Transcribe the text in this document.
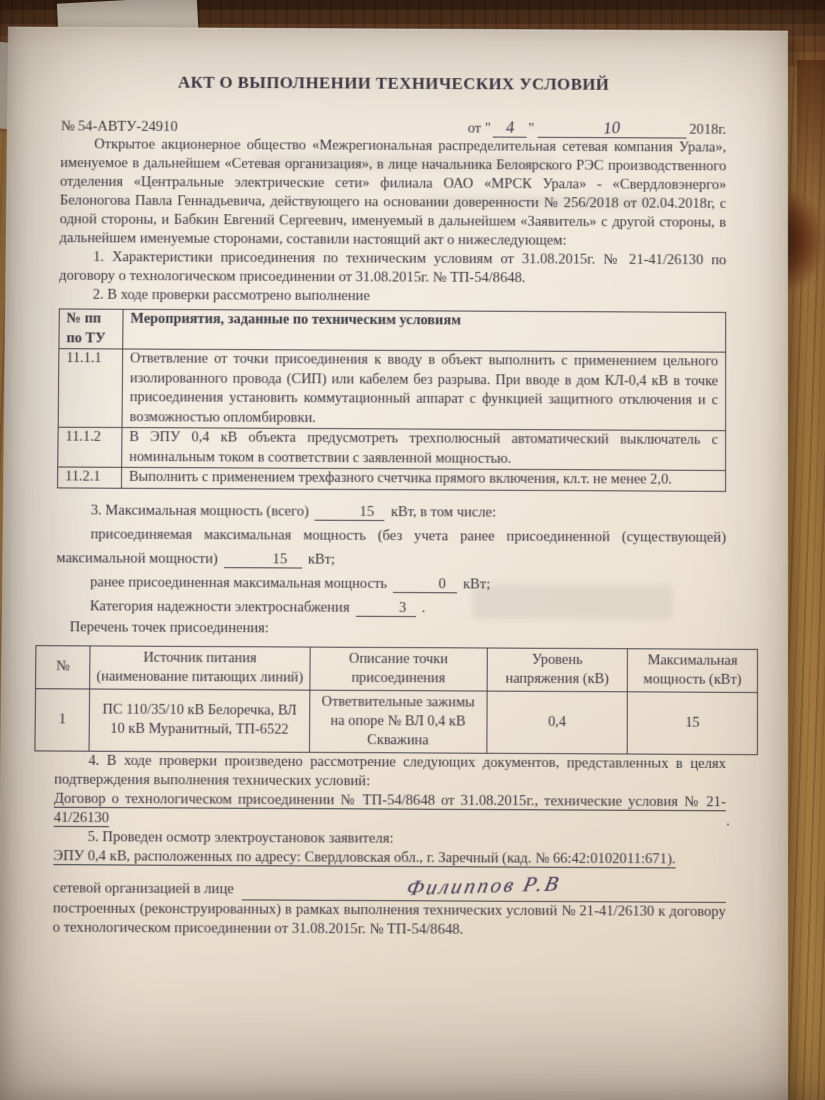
АКТ О ВЫПОЛНЕНИИ ТЕХНИЧЕСКИХ УСЛОВИЙ
№ 54-АВТУ-24910	от
" 4 "	10	2018г.

Открытое акционерное общество «Межрегиональная распределительная сетевая компания Урала», именуемое в дальнейшем «Сетевая организация», в лице начальника Белоярского РЭС производственного отделения «Центральные электрические сети» филиала ОАО «МРСК Урала» - «Свердловэнерго» Белоногова Павла Геннадьевича, действующего на основании доверенности № 256/2018 от 02.04.2018г, с одной стороны, и Бабкин Евгений Сергеевич, именуемый в дальнейшем «Заявитель» с другой стороны, в дальнейшем именуемые сторонами, составили настоящий акт о нижеследующем:

1. Характеристики присоединения по техническим условиям от 31.08.2015г. № 21-41/26130 по договору о технологическом присоединении от 31.08.2015г. № ТП-54/8648.

2. В ходе проверки рассмотрено выполнение

№ пп по ТУ	Мероприятия, заданные по техническим условиям
11.1.1	Ответвление от точки присоединения к вводу в объект выполнить с применением цельного изолированного провода (СИП) или кабелем без разрыва. При вводе в дом КЛ-0,4 кВ в точке присоединения установить коммутационный аппарат с функцией защитного отключения и с возможностью опломбировки.
11.1.2	В ЭПУ 0,4 кВ объекта предусмотреть трехполюсный автоматический выключатель с номинальным током в соответствии с заявленной мощностью.
11.2.1	Выполнить с применением трехфазного счетчика прямого включения, кл.т. не менее 2,0.

3. Максимальная мощность (всего)	15 кВт, в том числе:

присоединяемая максимальная мощность (без учета ранее присоединенной (существующей) максимальной мощности)	15 кВт;

ранее присоединенная максимальная мощность	0 кВт;

Категория надежности электроснабжения	3 .

Перечень точек присоединения:

№	Источник питания (наименование питающих линий)	Описание точки присоединения	Уровень напряжения (кВ)	Максимальная мощность (кВт)
1	ПС 110/35/10 кВ Белоречка, ВЛ 10 кВ Муранитный, ТП-6522	Ответвительные зажимы на опоре № ВЛ 0,4 кВ Скважина	0,4	15

4. В ходе проверки произведено рассмотрение следующих документов, представленных в целях подтверждения выполнения технических условий:

Договор о технологическом присоединении № ТП-54/8648 от 31.08.2015г., технические условия № 21-41/26130	.

5. Проведен осмотр электроустановок заявителя:

ЭПУ 0,4 кВ, расположенных по адресу: Свердловская обл., г. Заречный (кад. № 66:42:0102011:671).

сетевой организацией в лице	Филиппов Р.В

построенных (реконструированных) в рамках выполнения технических условий № 21-41/26130 к договору о технологическом присоединении от 31.08.2015г. № ТП-54/8648.
